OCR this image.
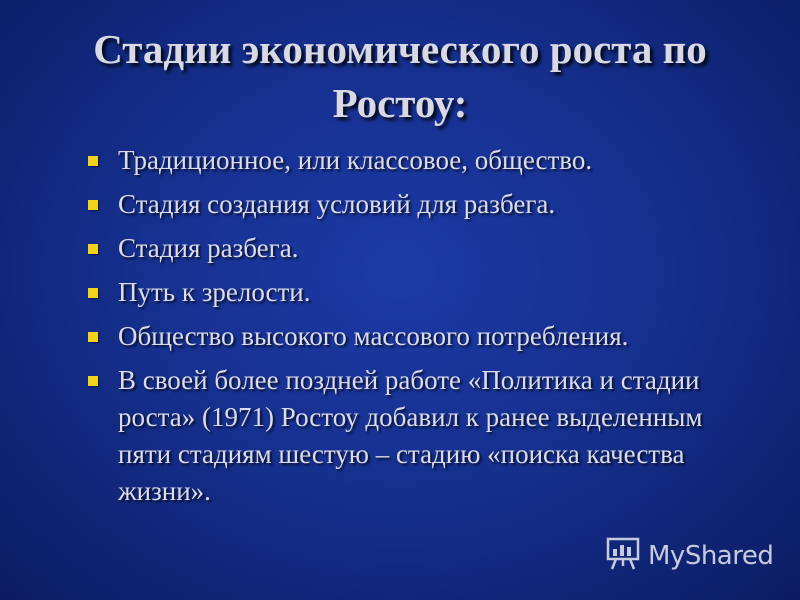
Стадии экономического роста по Ростоу:
Традиционное, или классовое, общество.
Стадия создания условий для разбега.
Стадия разбега.
Путь к зрелости.
Общество высокого массового потребления.
В своей более поздней работе «Политика и стадии роста» (1971) Ростоу добавил к ранее выделенным пяти стадиям шестую – стадию «поиска качества жизни».
MyShared
